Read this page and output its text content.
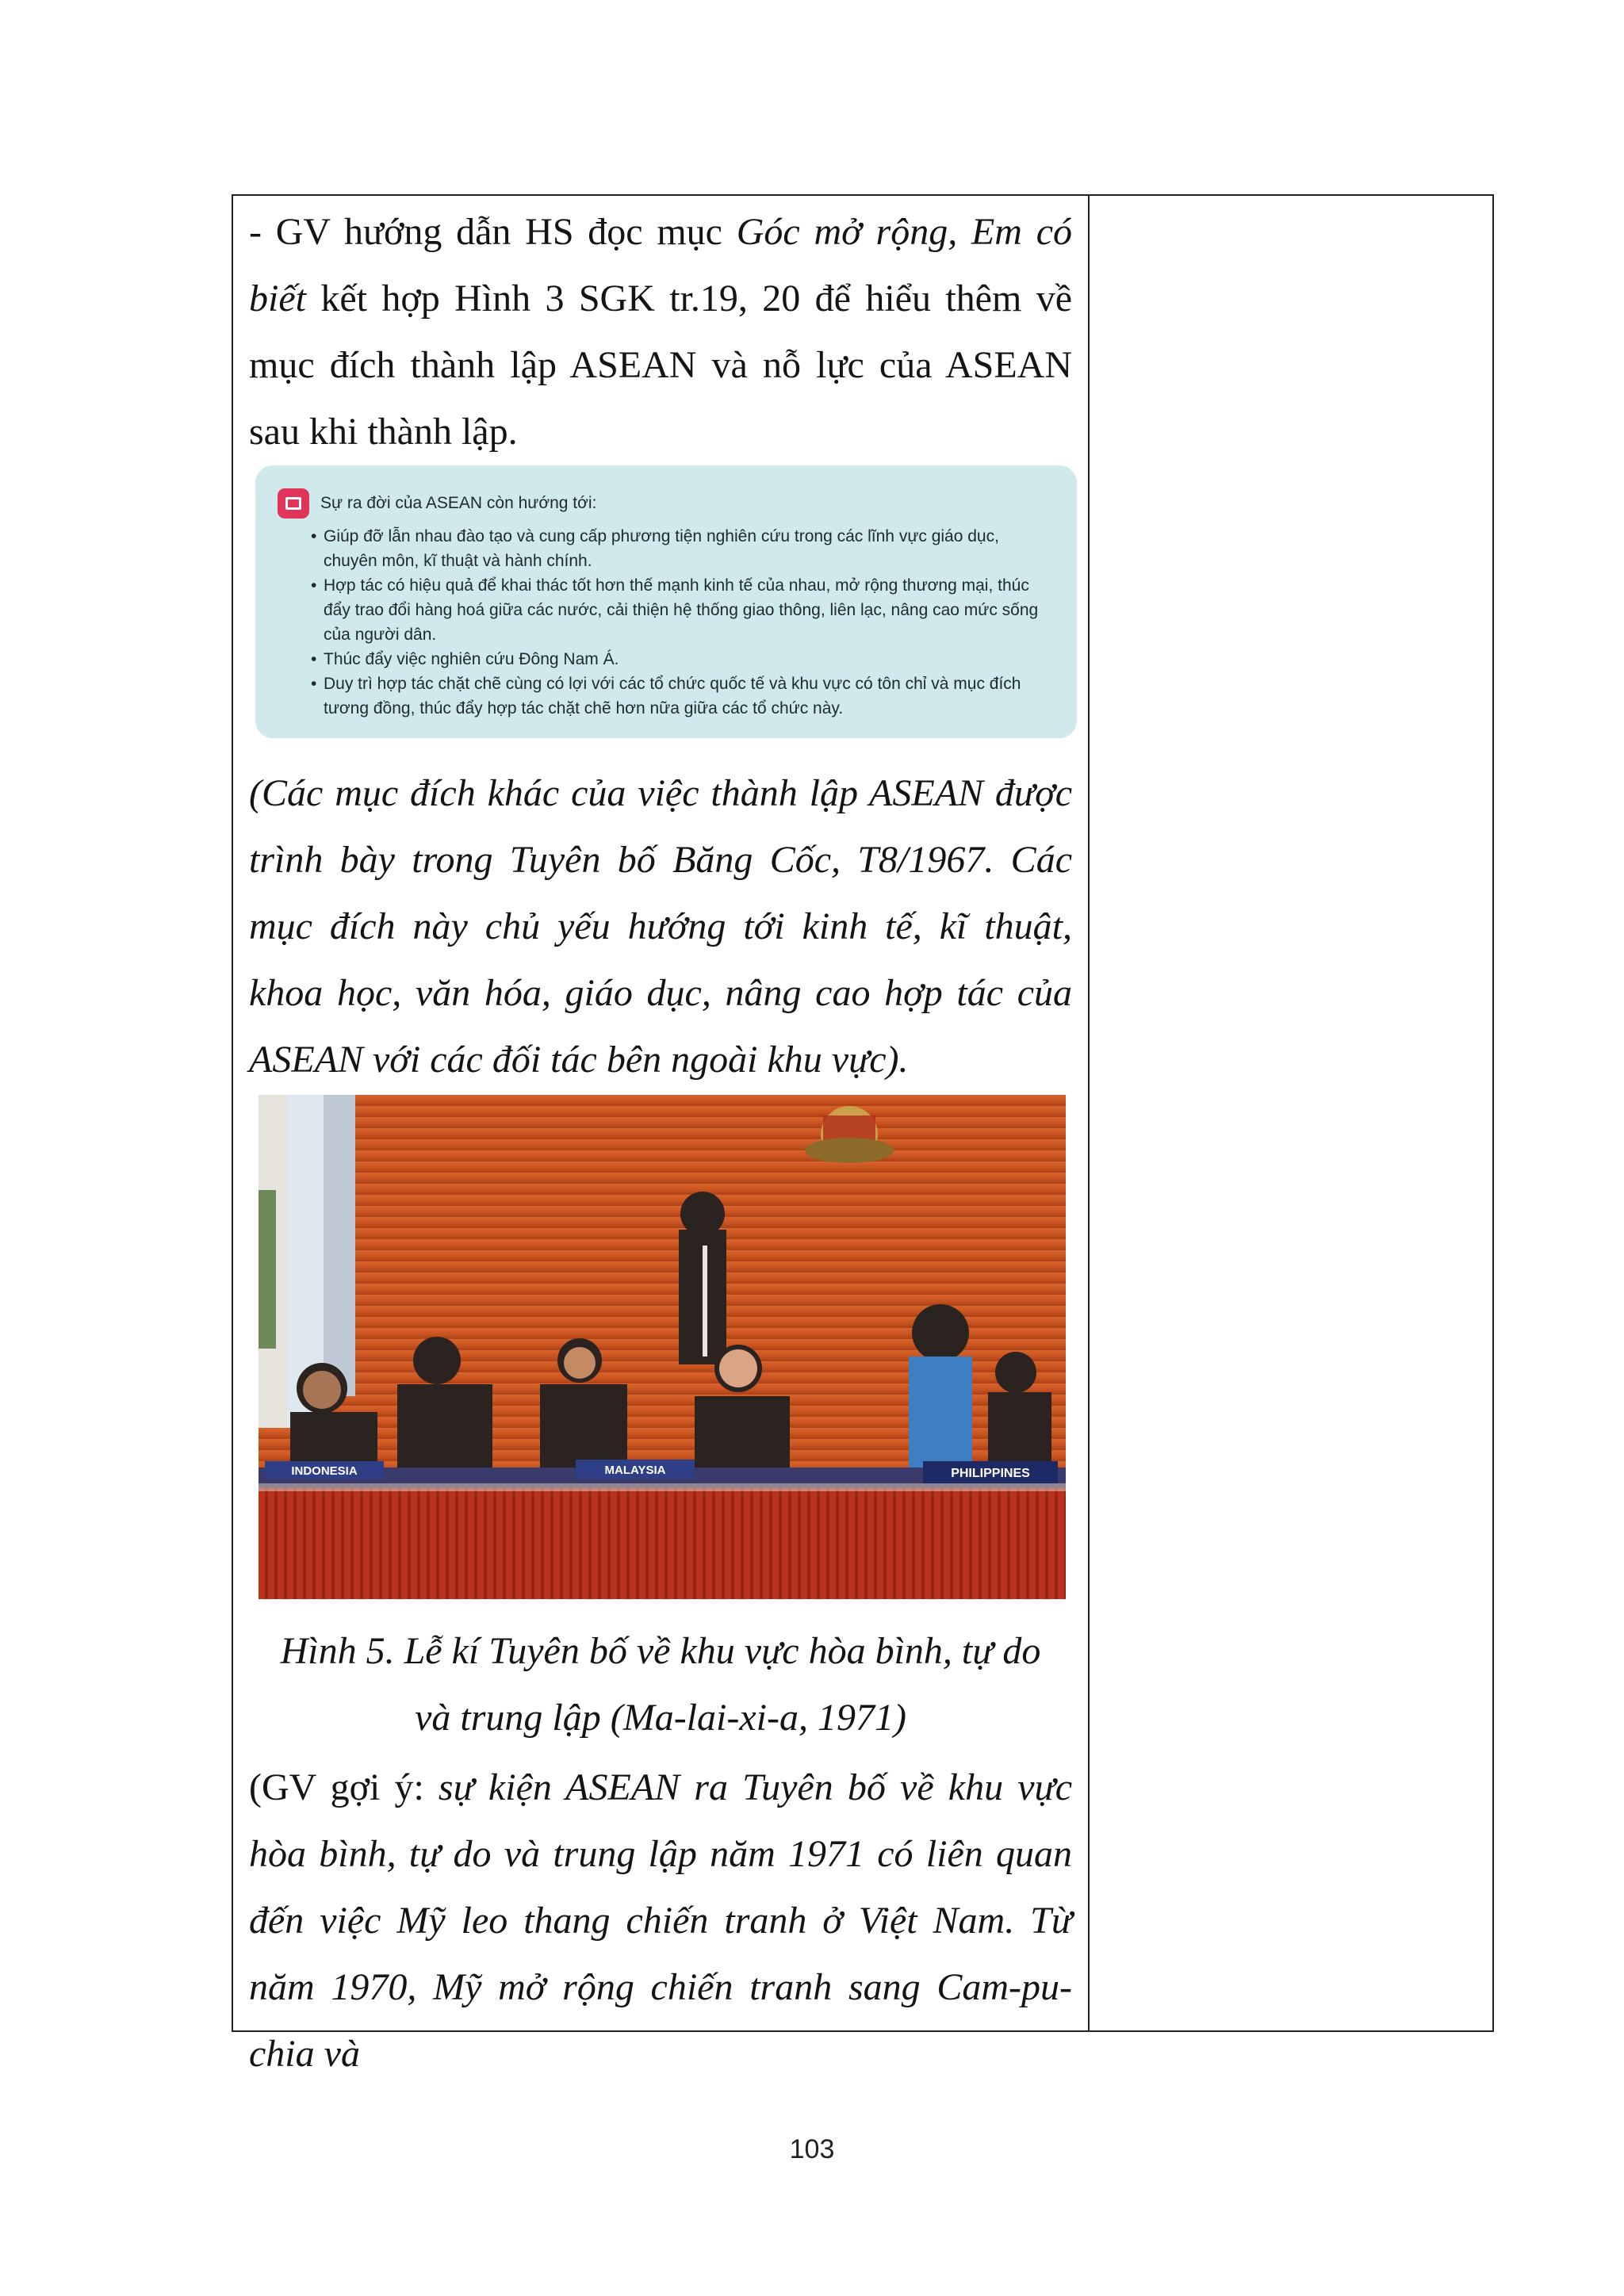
- GV hướng dẫn HS đọc mục Góc mở rộng, Em có biết kết hợp Hình 3 SGK tr.19, 20 để hiểu thêm về mục đích thành lập ASEAN và nỗ lực của ASEAN sau khi thành lập.

Sự ra đời của ASEAN còn hướng tới:
• Giúp đỡ lẫn nhau đào tạo và cung cấp phương tiện nghiên cứu trong các lĩnh vực giáo dục, chuyên môn, kĩ thuật và hành chính.
• Hợp tác có hiệu quả để khai thác tốt hơn thế mạnh kinh tế của nhau, mở rộng thương mại, thúc đẩy trao đổi hàng hoá giữa các nước, cải thiện hệ thống giao thông, liên lạc, nâng cao mức sống của người dân.
• Thúc đẩy việc nghiên cứu Đông Nam Á.
• Duy trì hợp tác chặt chẽ cùng có lợi với các tổ chức quốc tế và khu vực có tôn chỉ và mục đích tương đồng, thúc đẩy hợp tác chặt chẽ hơn nữa giữa các tổ chức này.

(Các mục đích khác của việc thành lập ASEAN được trình bày trong Tuyên bố Băng Cốc, T8/1967. Các mục đích này chủ yếu hướng tới kinh tế, kĩ thuật, khoa học, văn hóa, giáo dục, nâng cao hợp tác của ASEAN với các đối tác bên ngoài khu vực).

INDONESIA	MALAYSIA	PHILIPPINES

Hình 5. Lễ kí Tuyên bố về khu vực hòa bình, tự do

và trung lập (Ma-lai-xi-a, 1971)

(GV gợi ý: sự kiện ASEAN ra Tuyên bố về khu vực hòa bình, tự do và trung lập năm 1971 có liên quan đến việc Mỹ leo thang chiến tranh ở Việt Nam. Từ năm 1970, Mỹ mở rộng chiến tranh sang Cam-pu-chia và

103
